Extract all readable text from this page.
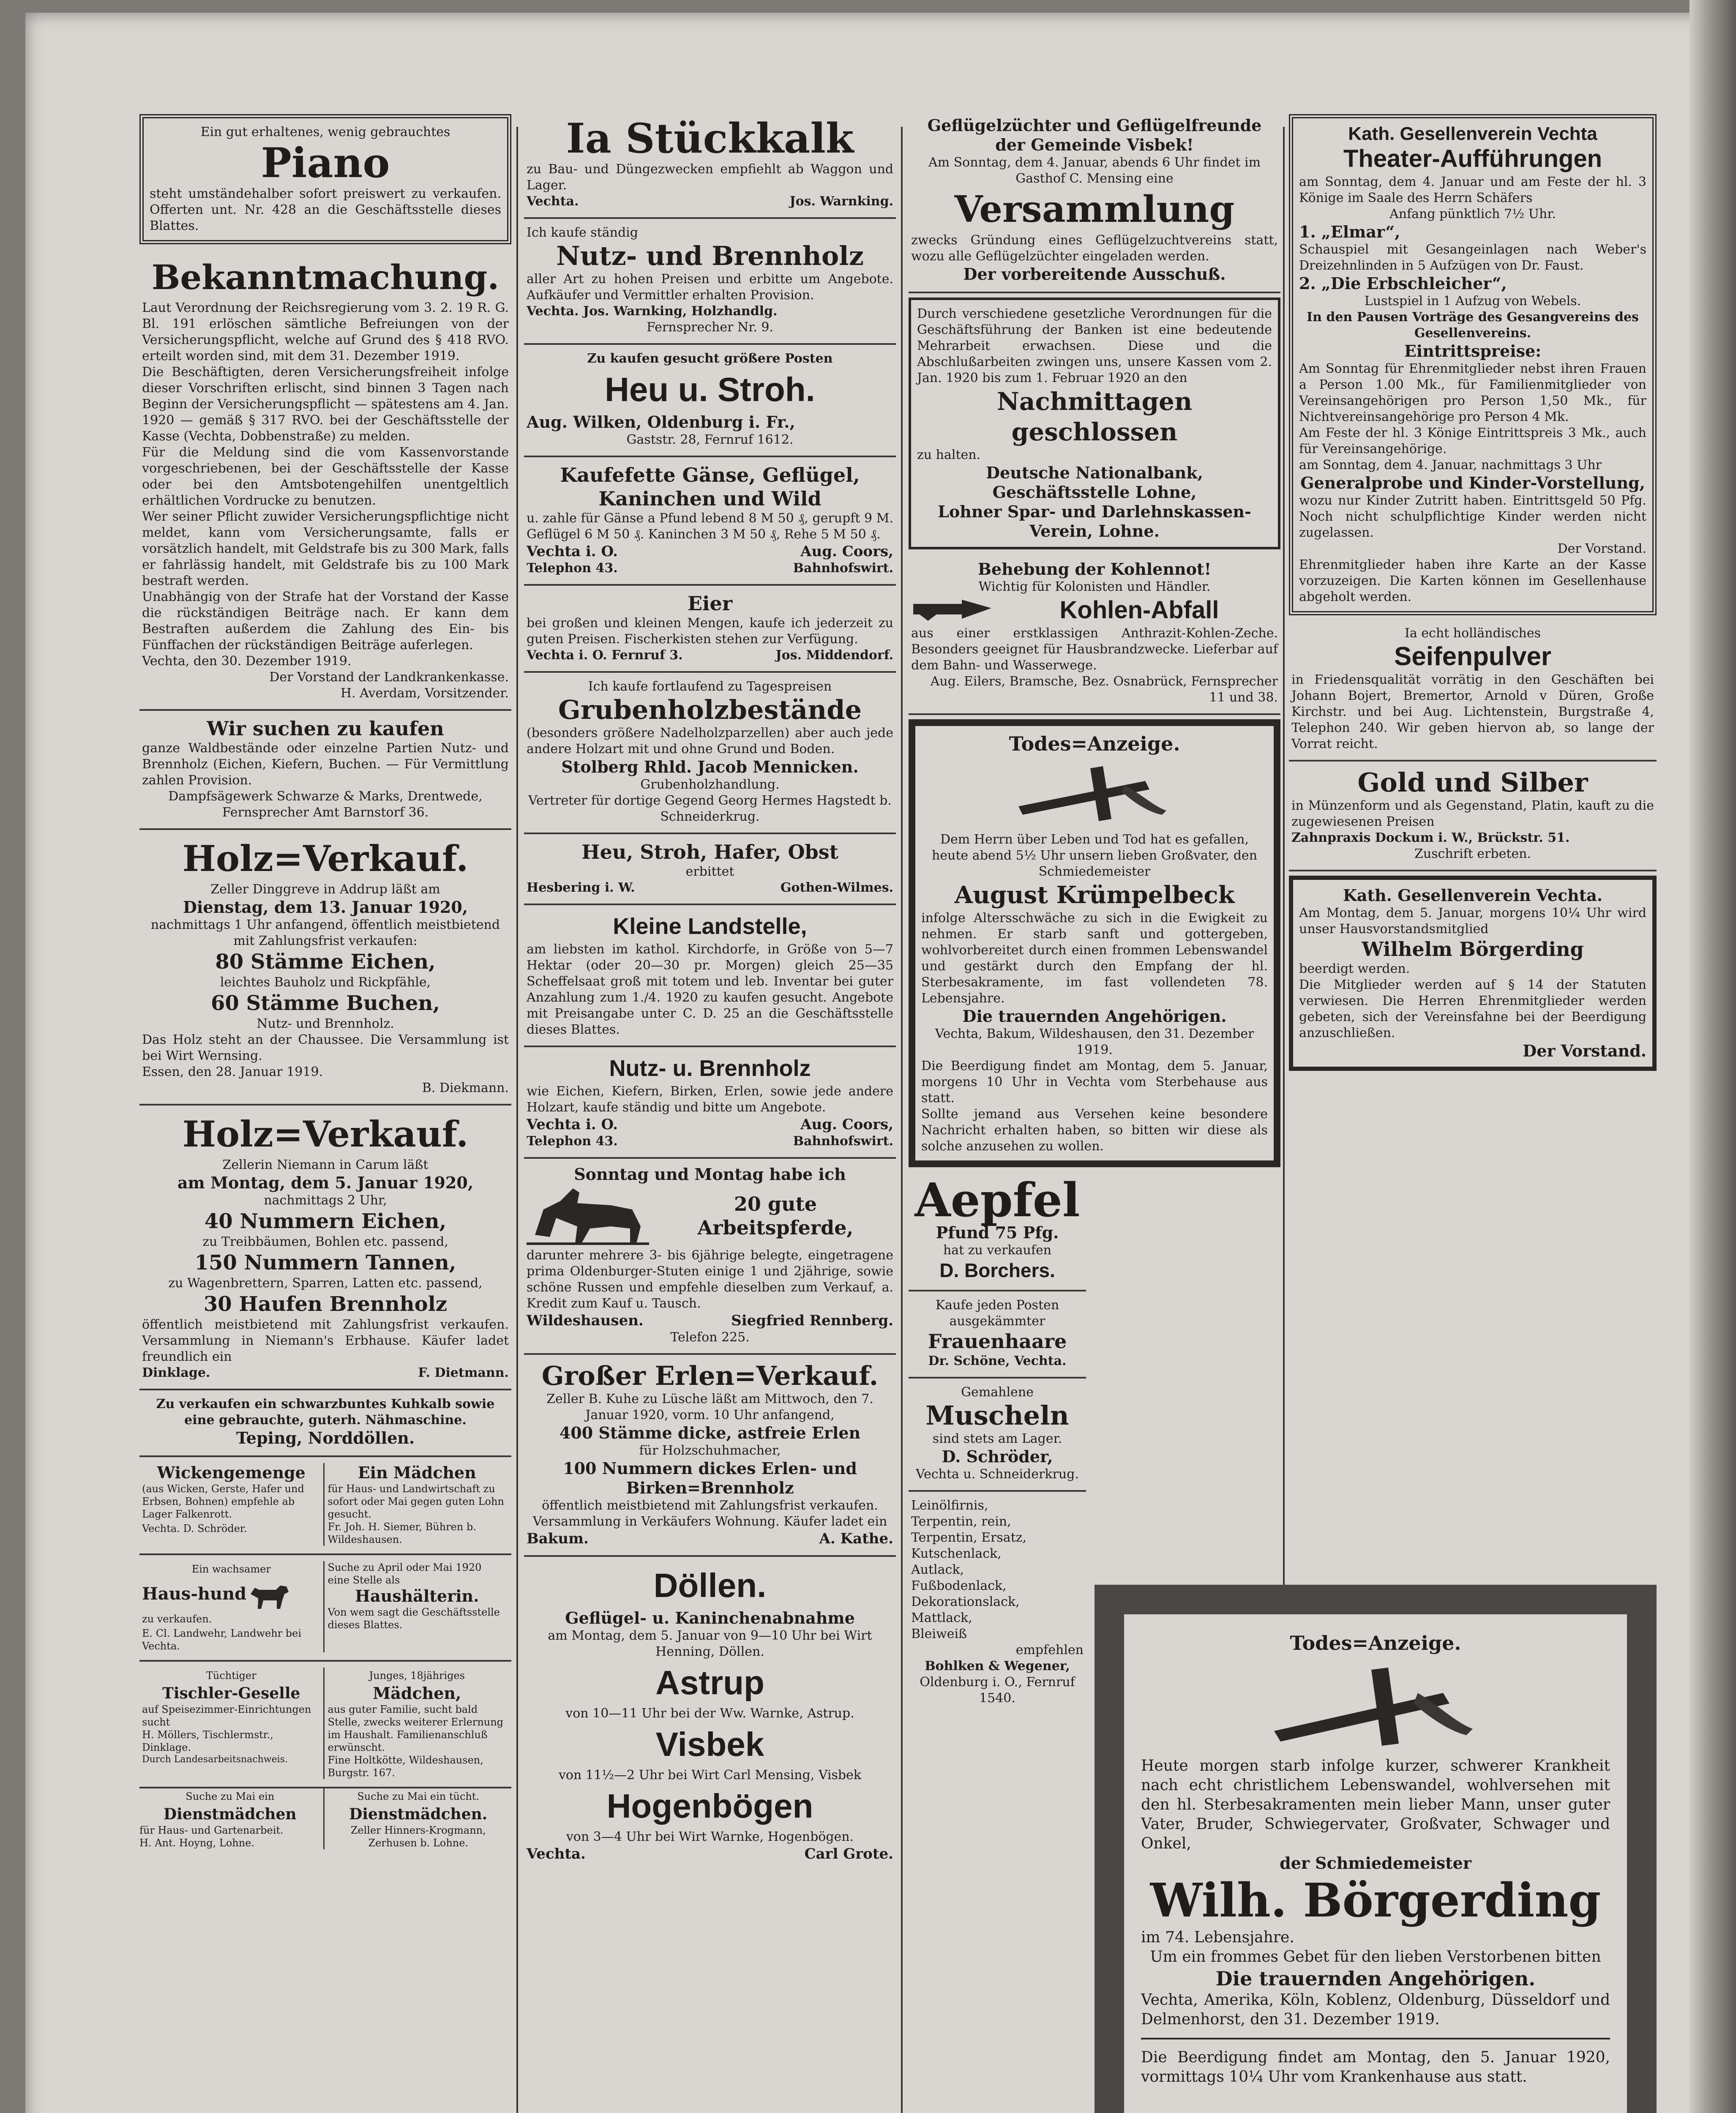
Ein gut erhaltenes, wenig gebrauchtes
Piano
steht umständehalber sofort preiswert zu verkaufen. Offerten unt. Nr. 428 an die Geschäftsstelle dieses Blattes.
Bekanntmachung.
Laut Verordnung der Reichsregierung vom 3. 2. 19 R. G. Bl. 191 erlöschen sämtliche Befreiungen von der Versicherungspflicht, welche auf Grund des § 418 RVO. erteilt worden sind, mit dem 31. Dezember 1919.
Die Beschäftigten, deren Versicherungsfreiheit infolge dieser Vorschriften erlischt, sind binnen 3 Tagen nach Beginn der Versicherungspflicht — spätestens am 4. Jan. 1920 — gemäß § 317 RVO. bei der Geschäftsstelle der Kasse (Vechta, Dobbenstraße) zu melden.
Für die Meldung sind die vom Kassenvorstande vorgeschriebenen, bei der Geschäftsstelle der Kasse oder bei den Amtsbotengehilfen unentgeltlich erhältlichen Vordrucke zu benutzen.
Wer seiner Pflicht zuwider Versicherungspflichtige nicht meldet, kann vom Versicherungsamte, falls er vorsätzlich handelt, mit Geldstrafe bis zu 300 Mark, falls er fahrlässig handelt, mit Geldstrafe bis zu 100 Mark bestraft werden.
Unabhängig von der Strafe hat der Vorstand der Kasse die rückständigen Beiträge nach. Er kann dem Bestraften außerdem die Zahlung des Ein- bis Fünffachen der rückständigen Beiträge auferlegen.
Vechta, den 30. Dezember 1919.
Der Vorstand der Landkrankenkasse.
H. Averdam, Vorsitzender.
Wir suchen zu kaufen
ganze Waldbestände oder einzelne Partien Nutz- und Brennholz (Eichen, Kiefern, Buchen. — Für Vermittlung zahlen Provision.
Dampfsägewerk Schwarze & Marks, Drentwede, Fernsprecher Amt Barnstorf 36.
Holz=Verkauf.
Zeller Dinggreve in Addrup läßt am
Dienstag, dem 13. Januar 1920,
nachmittags 1 Uhr anfangend, öffentlich meistbietend mit Zahlungsfrist verkaufen:
80 Stämme Eichen,
leichtes Bauholz und Rickpfähle,
60 Stämme Buchen,
Nutz- und Brennholz.
Das Holz steht an der Chaussee. Die Versammlung ist bei Wirt Wernsing.
Essen, den 28. Januar 1919.
B. Diekmann.
Holz=Verkauf.
Zellerin Niemann in Carum läßt
am Montag, dem 5. Januar 1920,
nachmittags 2 Uhr,
40 Nummern Eichen,
zu Treibbäumen, Bohlen etc. passend,
150 Nummern Tannen,
zu Wagenbrettern, Sparren, Latten etc. passend,
30 Haufen Brennholz
öffentlich meistbietend mit Zahlungsfrist verkaufen. Versammlung in Niemann's Erbhause. Käufer ladet freundlich ein
Dinklage.	F. Dietmann.
Zu verkaufen ein schwarzbuntes Kuhkalb sowie eine gebrauchte, guterh. Nähmaschine.
Teping, Norddöllen.
Wickengemenge
(aus Wicken, Gerste, Hafer und Erbsen, Bohnen) empfehle ab Lager Falkenrott.
Vechta. D. Schröder.
Ein Mädchen
für Haus- und Landwirtschaft zu sofort oder Mai gegen guten Lohn gesucht.
Fr. Joh. H. Siemer, Bühren b. Wildeshausen.
Ein wachsamer
Haus-hund
zu verkaufen.
E. Cl. Landwehr, Landwehr bei Vechta.
Suche zu April oder Mai 1920 eine Stelle als
Haushälterin.
Von wem sagt die Geschäftsstelle dieses Blattes.
Tüchtiger
Tischler-Geselle
auf Speisezimmer-Einrichtungen sucht
H. Möllers, Tischlermstr., Dinklage.
Durch Landesarbeitsnachweis.
Junges, 18jähriges
Mädchen,
aus guter Familie, sucht bald Stelle, zwecks weiterer Erlernung im Haushalt. Familienanschluß erwünscht.
Fine Holtkötte, Wildeshausen, Burgstr. 167.
Suche zu Mai ein
Dienstmädchen
für Haus- und Gartenarbeit.
H. Ant. Hoyng, Lohne.
Suche zu Mai ein tücht.
Dienstmädchen.
Zeller Hinners-Krogmann, Zerhusen b. Lohne.
Ia Stückkalk
zu Bau- und Düngezwecken empfiehlt ab Waggon und Lager.
Vechta.	Jos. Warnking.
Ich kaufe ständig
Nutz- und Brennholz
aller Art zu hohen Preisen und erbitte um Angebote. Aufkäufer und Vermittler erhalten Provision.
Vechta. Jos. Warnking, Holzhandlg.
Fernsprecher Nr. 9.
Zu kaufen gesucht größere Posten
Heu u. Stroh.
Aug. Wilken, Oldenburg i. Fr.,
Gaststr. 28, Fernruf 1612.
Kaufefette Gänse, Geflügel, Kaninchen und Wild
u. zahle für Gänse a Pfund lebend 8 M 50 ₰, gerupft 9 M. Geflügel 6 M 50 ₰. Kaninchen 3 M 50 ₰, Rehe 5 M 50 ₰.
Vechta i. O.	Aug. Coors,
Telephon 43.	Bahnhofswirt.
Eier
bei großen und kleinen Mengen, kaufe ich jederzeit zu guten Preisen. Fischerkisten stehen zur Verfügung.
Vechta i. O. Fernruf 3.	Jos. Middendorf.
Ich kaufe fortlaufend zu Tagespreisen
Grubenholzbestände
(besonders größere Nadelholzparzellen) aber auch jede andere Holzart mit und ohne Grund und Boden.
Stolberg Rhld. Jacob Mennicken.
Grubenholzhandlung.
Vertreter für dortige Gegend Georg Hermes Hagstedt b. Schneiderkrug.
Heu, Stroh, Hafer, Obst
erbittet
Hesbering i. W.	Gothen-Wilmes.
Kleine Landstelle,
am liebsten im kathol. Kirchdorfe, in Größe von 5—7 Hektar (oder 20—30 pr. Morgen) gleich 25—35 Scheffelsaat groß mit totem und leb. Inventar bei guter Anzahlung zum 1./4. 1920 zu kaufen gesucht. Angebote mit Preisangabe unter C. D. 25 an die Geschäftsstelle dieses Blattes.
Nutz- u. Brennholz
wie Eichen, Kiefern, Birken, Erlen, sowie jede andere Holzart, kaufe ständig und bitte um Angebote.
Vechta i. O.	Aug. Coors,
Telephon 43.	Bahnhofswirt.
Sonntag und Montag habe ich
20 gute Arbeitspferde,
darunter mehrere 3- bis 6jährige belegte, eingetragene prima Oldenburger-Stuten einige 1 und 2jährige, sowie schöne Russen und empfehle dieselben zum Verkauf, a. Kredit zum Kauf u. Tausch.
Wildeshausen.	Siegfried Rennberg.
Telefon 225.
Großer Erlen=Verkauf.
Zeller B. Kuhe zu Lüsche läßt am Mittwoch, den 7. Januar 1920, vorm. 10 Uhr anfangend,
400 Stämme dicke, astfreie Erlen
für Holzschuhmacher,
100 Nummern dickes Erlen- und Birken=Brennholz
öffentlich meistbietend mit Zahlungsfrist verkaufen. Versammlung in Verkäufers Wohnung. Käufer ladet ein
Bakum.	A. Kathe.
Döllen.
Geflügel- u. Kaninchenabnahme
am Montag, dem 5. Januar von 9—10 Uhr bei Wirt Henning, Döllen.
Astrup
von 10—11 Uhr bei der Ww. Warnke, Astrup.
Visbek
von 11½—2 Uhr bei Wirt Carl Mensing, Visbek
Hogenbögen
von 3—4 Uhr bei Wirt Warnke, Hogenbögen.
Vechta.	Carl Grote.
Geflügelzüchter und Geflügelfreunde der Gemeinde Visbek!
Am Sonntag, dem 4. Januar, abends 6 Uhr findet im Gasthof C. Mensing eine
Versammlung
zwecks Gründung eines Geflügelzuchtvereins statt, wozu alle Geflügelzüchter eingeladen werden.
Der vorbereitende Ausschuß.
Durch verschiedene gesetzliche Verordnungen für die Geschäftsführung der Banken ist eine bedeutende Mehrarbeit erwachsen. Diese und die Abschlußarbeiten zwingen uns, unsere Kassen vom 2. Jan. 1920 bis zum 1. Februar 1920 an den
Nachmittagen geschlossen
zu halten.
Deutsche Nationalbank, Geschäftsstelle Lohne,
Lohner Spar- und Darlehnskassen-Verein, Lohne.
Behebung der Kohlennot!
Wichtig für Kolonisten und Händler.
Kohlen-Abfall
aus einer erstklassigen Anthrazit-Kohlen-Zeche. Besonders geeignet für Hausbrandzwecke. Lieferbar auf dem Bahn- und Wasserwege.
Aug. Eilers, Bramsche, Bez. Osnabrück, Fernsprecher 11 und 38.
Todes=Anzeige.
Dem Herrn über Leben und Tod hat es gefallen, heute abend 5½ Uhr unsern lieben Großvater, den Schmiedemeister
August Krümpelbeck
infolge Altersschwäche zu sich in die Ewigkeit zu nehmen. Er starb sanft und gottergeben, wohlvorbereitet durch einen frommen Lebenswandel und gestärkt durch den Empfang der hl. Sterbesakramente, im fast vollendeten 78. Lebensjahre.
Die trauernden Angehörigen.
Vechta, Bakum, Wildeshausen, den 31. Dezember 1919.
Die Beerdigung findet am Montag, dem 5. Januar, morgens 10 Uhr in Vechta vom Sterbehause aus statt.
Sollte jemand aus Versehen keine besondere Nachricht erhalten haben, so bitten wir diese als solche anzusehen zu wollen.
Aepfel
Pfund 75 Pfg.
hat zu verkaufen
D. Borchers.
Kaufe jeden Posten ausgekämmter
Frauenhaare
Dr. Schöne, Vechta.
Gemahlene
Muscheln
sind stets am Lager.
D. Schröder,
Vechta u. Schneiderkrug.
Leinölfirnis,
Terpentin, rein,
Terpentin, Ersatz,
Kutschenlack,
Autlack,
Fußbodenlack,
Dekorationslack,
Mattlack,
Bleiweiß
empfehlen
Bohlken & Wegener,
Oldenburg i. O., Fernruf 1540.
Kath. Gesellenverein Vechta
Theater-Aufführungen
am Sonntag, dem 4. Januar und am Feste der hl. 3 Könige im Saale des Herrn Schäfers
Anfang pünktlich 7½ Uhr.
1. „Elmar“,
Schauspiel mit Gesangeinlagen nach Weber's Dreizehnlinden in 5 Aufzügen von Dr. Faust.
2. „Die Erbschleicher“,
Lustspiel in 1 Aufzug von Webels.
In den Pausen Vorträge des Gesangvereins des Gesellenvereins.
Eintrittspreise:
Am Sonntag für Ehrenmitglieder nebst ihren Frauen a Person 1.00 Mk., für Familienmitglieder von Vereinsangehörigen pro Person 1,50 Mk., für Nichtvereinsangehörige pro Person 4 Mk.
Am Feste der hl. 3 Könige Eintrittspreis 3 Mk., auch für Vereinsangehörige.
am Sonntag, dem 4. Januar, nachmittags 3 Uhr
Generalprobe und Kinder-Vorstellung,
wozu nur Kinder Zutritt haben. Eintrittsgeld 50 Pfg. Noch nicht schulpflichtige Kinder werden nicht zugelassen.
Der Vorstand.
Ehrenmitglieder haben ihre Karte an der Kasse vorzuzeigen. Die Karten können im Gesellenhause abgeholt werden.
Ia echt holländisches
Seifenpulver
in Friedensqualität vorrätig in den Geschäften bei Johann Bojert, Bremertor, Arnold v Düren, Große Kirchstr. und bei Aug. Lichtenstein, Burgstraße 4, Telephon 240. Wir geben hiervon ab, so lange der Vorrat reicht.
Gold und Silber
in Münzenform und als Gegenstand, Platin, kauft zu die zugewiesenen Preisen
Zahnpraxis Dockum i. W., Brückstr. 51.
Zuschrift erbeten.
Kath. Gesellenverein Vechta.
Am Montag, dem 5. Januar, morgens 10¼ Uhr wird unser Hausvorstandsmitglied
Wilhelm Börgerding
beerdigt werden.
Die Mitglieder werden auf § 14 der Statuten verwiesen. Die Herren Ehrenmitglieder werden gebeten, sich der Vereinsfahne bei der Beerdigung anzuschließen.
Der Vorstand.
Todes=Anzeige.
Heute morgen starb infolge kurzer, schwerer Krankheit nach echt christlichem Lebenswandel, wohlversehen mit den hl. Sterbesakramenten mein lieber Mann, unser guter Vater, Bruder, Schwiegervater, Großvater, Schwager und Onkel,
der Schmiedemeister
Wilh. Börgerding
im 74. Lebensjahre.
Um ein frommes Gebet für den lieben Verstorbenen bitten
Die trauernden Angehörigen.
Vechta, Amerika, Köln, Koblenz, Oldenburg, Düsseldorf und Delmenhorst, den 31. Dezember 1919.
Die Beerdigung findet am Montag, den 5. Januar 1920, vormittags 10¼ Uhr vom Krankenhause aus statt.
